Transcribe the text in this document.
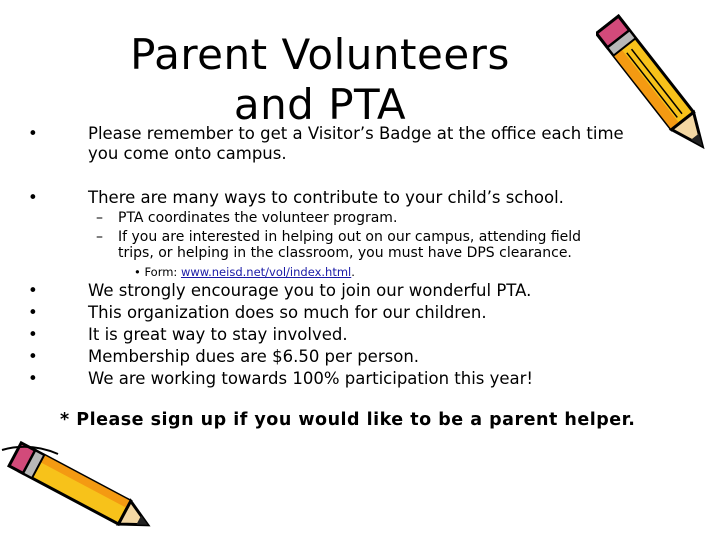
Parent Volunteers
and PTA
•	Please remember to get a Visitor’s Badge at the office each time
you come onto campus.
•	There are many ways to contribute to your child’s school.
– PTA coordinates the volunteer program.
– If you are interested in helping out on our campus, attending field trips, or helping in the classroom, you must have DPS clearance.
• Form: www.neisd.net/vol/index.html.
•	We strongly encourage you to join our wonderful PTA.
•	This organization does so much for our children.
•	It is great way to stay involved.
•	Membership dues are $6.50 per person.
•	We are working towards 100% participation this year!
* Please sign up if you would like to be a parent helper.
